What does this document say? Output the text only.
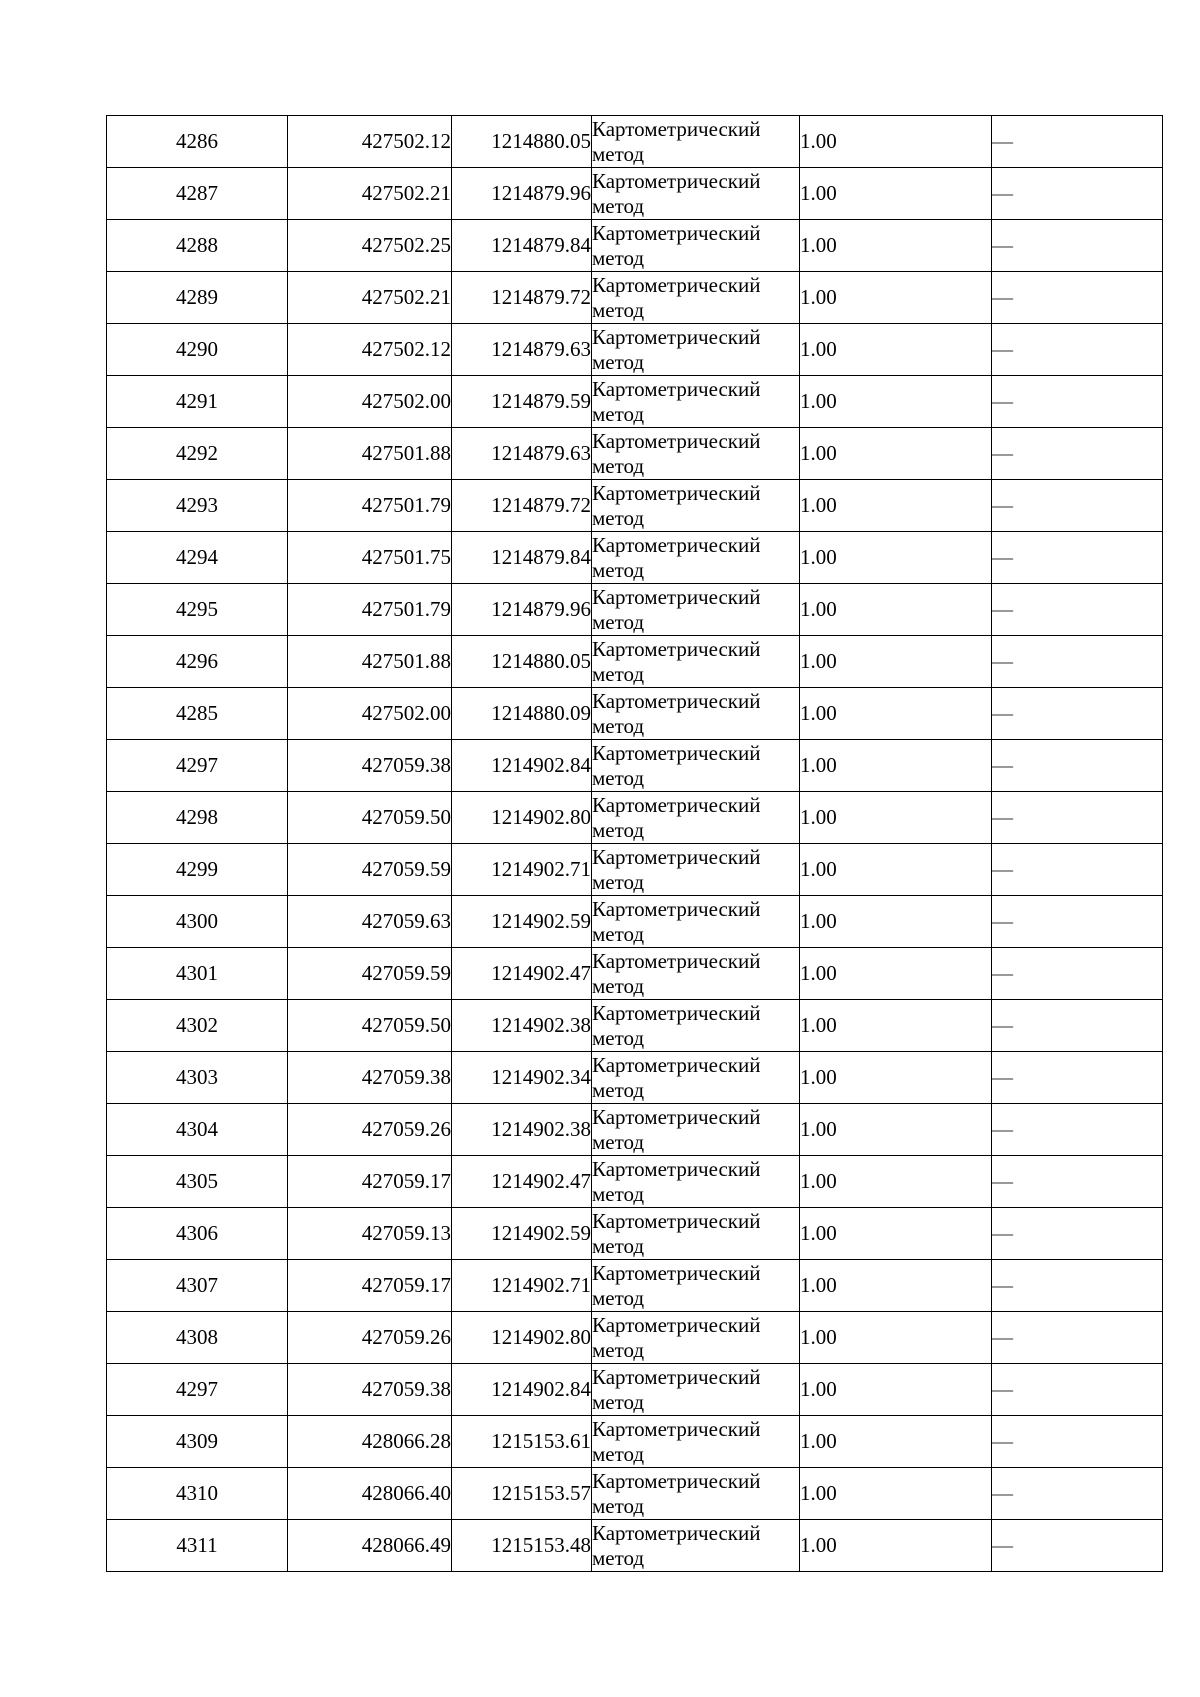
4286	427502.12	1214880.05	Картометрический метод	1.00	—
4287	427502.21	1214879.96	Картометрический метод	1.00	—
4288	427502.25	1214879.84	Картометрический метод	1.00	—
4289	427502.21	1214879.72	Картометрический метод	1.00	—
4290	427502.12	1214879.63	Картометрический метод	1.00	—
4291	427502.00	1214879.59	Картометрический метод	1.00	—
4292	427501.88	1214879.63	Картометрический метод	1.00	—
4293	427501.79	1214879.72	Картометрический метод	1.00	—
4294	427501.75	1214879.84	Картометрический метод	1.00	—
4295	427501.79	1214879.96	Картометрический метод	1.00	—
4296	427501.88	1214880.05	Картометрический метод	1.00	—
4285	427502.00	1214880.09	Картометрический метод	1.00	—
4297	427059.38	1214902.84	Картометрический метод	1.00	—
4298	427059.50	1214902.80	Картометрический метод	1.00	—
4299	427059.59	1214902.71	Картометрический метод	1.00	—
4300	427059.63	1214902.59	Картометрический метод	1.00	—
4301	427059.59	1214902.47	Картометрический метод	1.00	—
4302	427059.50	1214902.38	Картометрический метод	1.00	—
4303	427059.38	1214902.34	Картометрический метод	1.00	—
4304	427059.26	1214902.38	Картометрический метод	1.00	—
4305	427059.17	1214902.47	Картометрический метод	1.00	—
4306	427059.13	1214902.59	Картометрический метод	1.00	—
4307	427059.17	1214902.71	Картометрический метод	1.00	—
4308	427059.26	1214902.80	Картометрический метод	1.00	—
4297	427059.38	1214902.84	Картометрический метод	1.00	—
4309	428066.28	1215153.61	Картометрический метод	1.00	—
4310	428066.40	1215153.57	Картометрический метод	1.00	—
4311	428066.49	1215153.48	Картометрический метод	1.00	—
